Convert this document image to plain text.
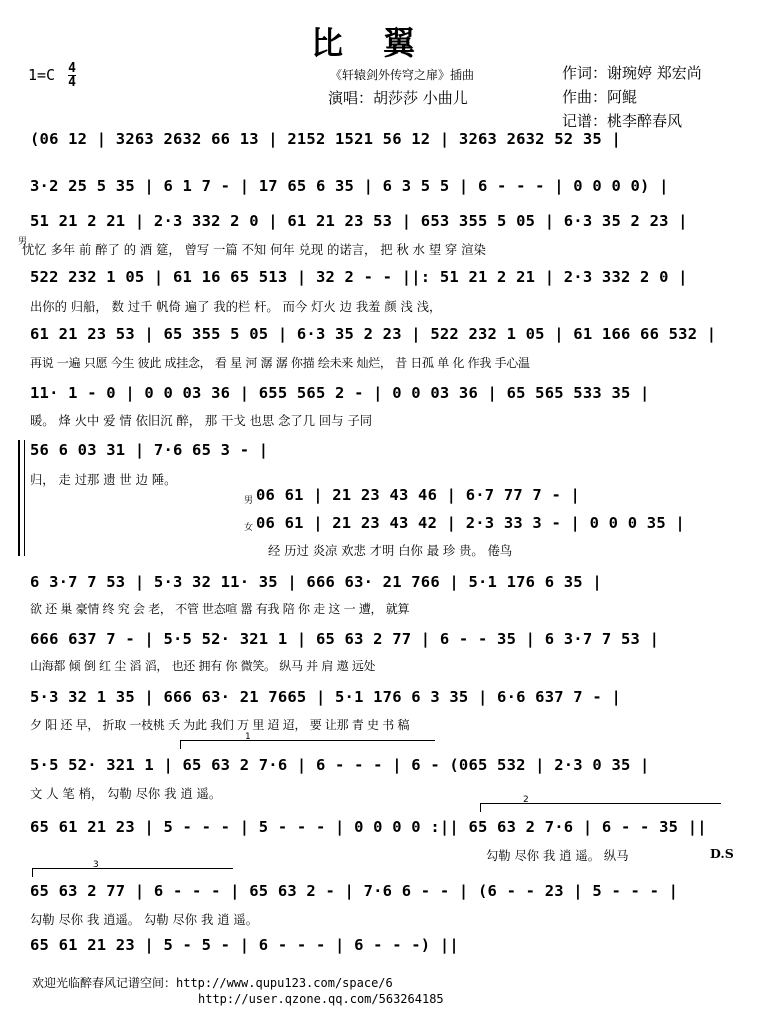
比翼
$1=C \frac{4}{4}$	《轩辕剑外传穹之扉》插曲
演唱：胡莎莎 小曲儿
作词：谢琬婷 郑宏尚
作曲：阿鲲
记谱：桃李醉春风
(06 12 | 3263 2632 66 13 | 2152 1521 56 12 | 3263 2632 52 35 |
3·2 25 5 35 | 6 1 7 - | 17 65 6 35 | 6 3 5 5 | 6 - - - | 0 0 0 0) |
51 21 2 21 | 2·3 332 2 0 | 61 21 23 53 | 653 355 5 05 | 6·3 35 2 23 |
忧忆 多年 前 醉了 的 酒 筵， 曾写 一篇 不知 何年 兑现 的诺言， 把 秋 水 望 穿 渲染
男
522 232 1 05 | 61 16 65 513 | 32 2 - - ||: 51 21 2 21 | 2·3 332 2 0 |
出你的 归船， 数 过千 帆倚 遍了 我的栏 杆。 而今 灯火 边 我羞 颜 浅 浅，
61 21 23 53 | 65 355 5 05 | 6·3 35 2 23 | 522 232 1 05 | 61 166 66 532 |
再说 一遍 只愿 今生 彼此 成挂念， 看 星 河 潺 潺 你描 绘未来 灿烂， 昔 日孤 单 化 作我 手心温
11· 1 - 0 | 0 0 03 36 | 655 565 2 - | 0 0 03 36 | 65 565 533 35 |
暖。 烽 火中 爱 情 依旧沉 醉， 那 干戈 也思 念了几 回与 子同
56 6 03 31 | 7·6 65 3 - |
归， 走 过那 遗 世 边 陲。
男 06 61 | 21 23 43 46 | 6·7 77 7 - |
女 06 61 | 21 23 43 42 | 2·3 33 3 - | 0 0 0 35 |
经 历过 炎凉 欢悲 才明 白你 最 珍 贵。 倦鸟
6 3·7 7 53 | 5·3 32 11· 35 | 666 63· 21 766 | 5·1 176 6 35 |
欲 还 巢 豪情 终 究 会 老， 不管 世态喧 嚣 有我 陪 你 走 这 一 遭， 就算
666 637 7 - | 5·5 52· 321 1 | 65 63 2 77 | 6 - - 35 | 6 3·7 7 53 |
山海都 倾 倒 红 尘 滔 滔， 也还 拥有 你 微笑。 纵马 并 肩 遨 远处
5·3 32 1 35 | 666 63· 21 7665 | 5·1 176 6 3 35 | 6·6 637 7 - |
夕 阳 还 早， 折取 一枝桃 夭 为此 我们 万 里 迢 迢， 要 让那 青 史 书 稿
1
5·5 52· 321 1 | 65 63 2 7·6 | 6 - - - | 6 - (065 532 | 2·3 0 35 |
文 人 笔 梢， 勾勒 尽你 我 逍 遥。	2
65 61 21 23 | 5 - - - | 5 - - - | 0 0 0 0 :|| 65 63 2 7·6 | 6 - - 35 ||
勾勒 尽你 我 逍 遥。 纵马	D.S
3
65 63 2 77 | 6 - - - | 65 63 2 - | 7·6 6 - - | (6 - - 23 | 5 - - - |
勾勒 尽你 我 逍遥。 勾勒 尽你 我 逍 遥。
65 61 21 23 | 5 - 5 - | 6 - - - | 6 - - -) ||
欢迎光临醉春风记谱空间：http://www.qupu123.com/space/6
http://user.qzone.qq.com/563264185
